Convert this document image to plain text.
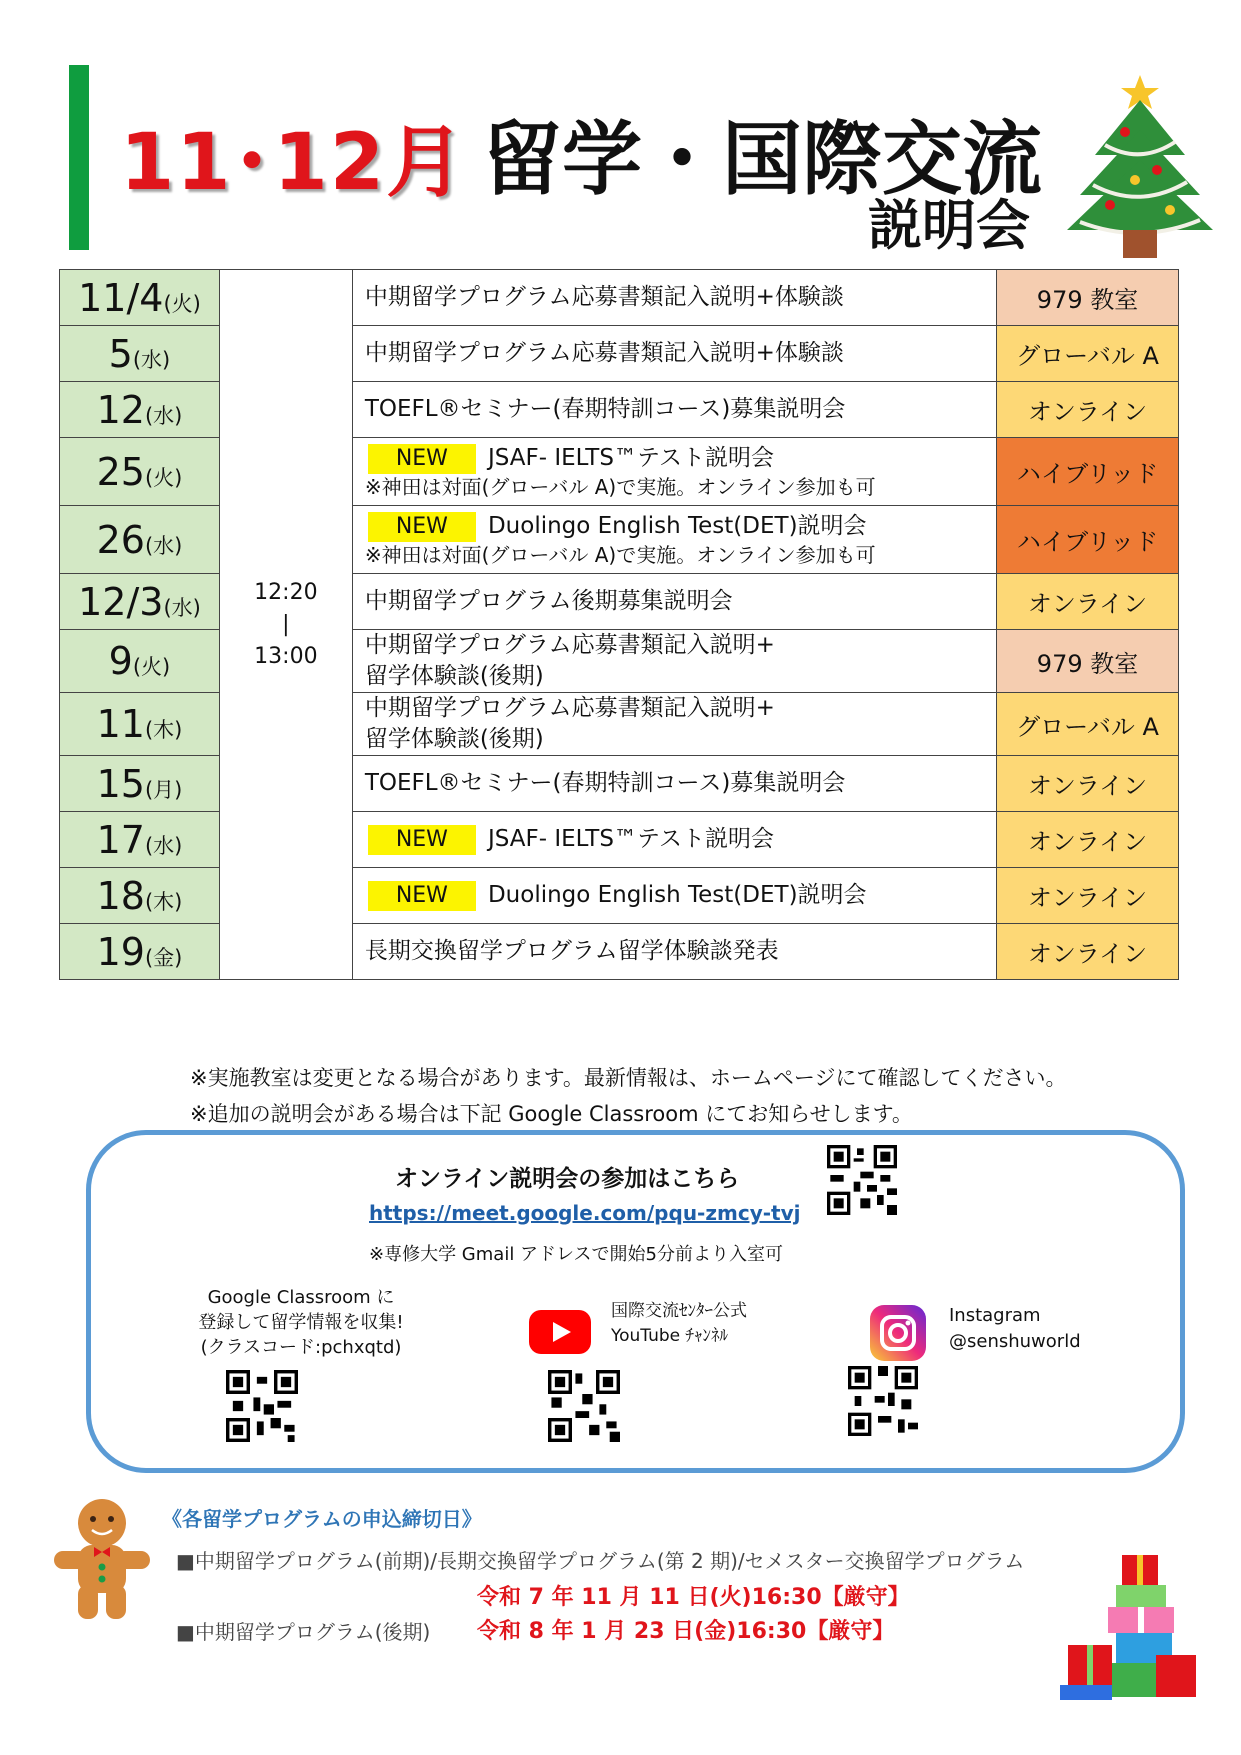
11･12月 留学・国際交流
説明会
11/4(火)	12:20
|
13:00	中期留学プログラム応募書類記入説明+体験談	979 教室
5(水)		中期留学プログラム応募書類記入説明+体験談	グローバル A
12(水)		TOEFL®セミナー(春期特訓コース)募集説明会	オンライン
25(火)		NEW JSAF- IELTS™テスト説明会
※神田は対面(グローバル A)で実施。オンライン参加も可	ハイブリッド
26(水)		NEW Duolingo English Test(DET)説明会
※神田は対面(グローバル A)で実施。オンライン参加も可	ハイブリッド
12/3(水)		中期留学プログラム後期募集説明会	オンライン
9(火)		中期留学プログラム応募書類記入説明+
留学体験談(後期)	979 教室
11(木)		中期留学プログラム応募書類記入説明+
留学体験談(後期)	グローバル A
15(月)		TOEFL®セミナー(春期特訓コース)募集説明会	オンライン
17(水)		NEW JSAF- IELTS™テスト説明会	オンライン
18(木)		NEW Duolingo English Test(DET)説明会	オンライン
19(金)		長期交換留学プログラム留学体験談発表	オンライン
※実施教室は変更となる場合があります。最新情報は、ホームページにて確認してください。
※追加の説明会がある場合は下記 Google Classroom にてお知らせします。
オンライン説明会の参加はこちら
https://meet.google.com/pqu-zmcy-tvj
※専修大学 Gmail アドレスで開始5分前より入室可
Google Classroom に
登録して留学情報を収集!
(クラスコード:pchxqtd)
国際交流ｾﾝﾀｰ公式
YouTube ﾁｬﾝﾈﾙ
Instagram
@senshuworld
《各留学プログラムの申込締切日》
■中期留学プログラム(前期)/長期交換留学プログラム(第 2 期)/セメスター交換留学プログラム
令和 7 年 11 月 11 日(火)16:30【厳守】
■中期留学プログラム(後期) 令和 8 年 1 月 23 日(金)16:30【厳守】
